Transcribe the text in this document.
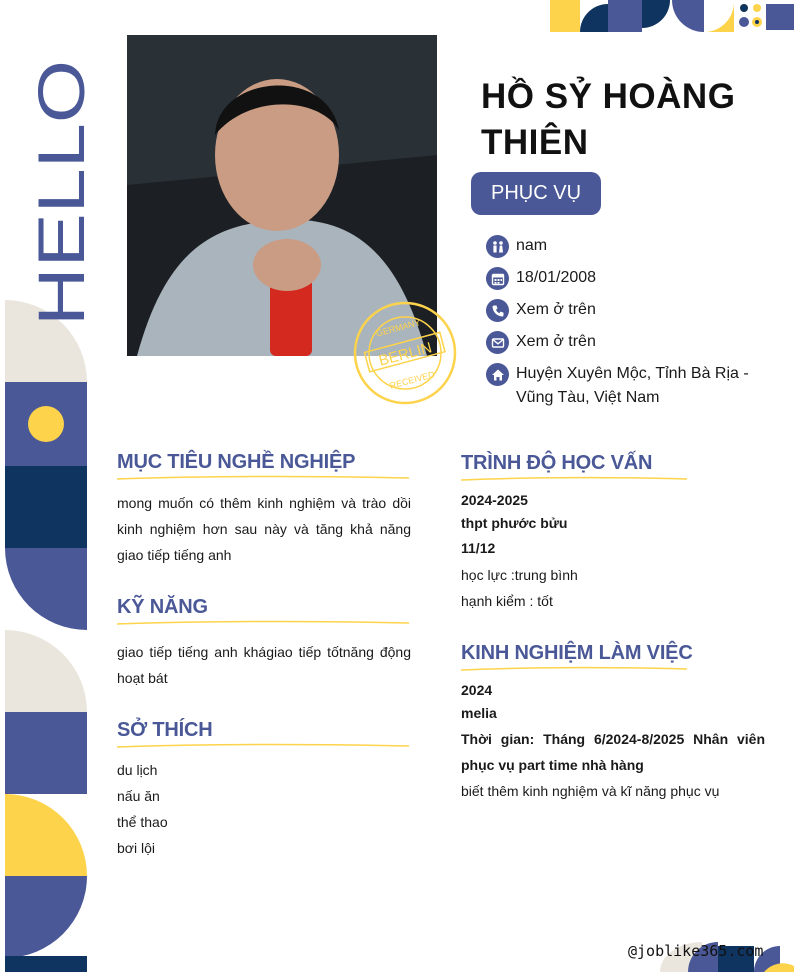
HELLO
BERLIN
GERMANY
RECEIVED
HỒ SỶ HOÀNG
THIÊN
PHỤC VỤ
nam
18/01/2008
Xem ở trên
Xem ở trên
Huyện Xuyên Mộc, Tỉnh Bà Rịa - Vũng Tàu, Việt Nam
MỤC TIÊU NGHỀ NGHIỆP
mong muốn có thêm kinh nghiệm và trào dồi kinh nghiệm hơn sau này và tăng khả năng giao tiếp tiếng anh
KỸ NĂNG
giao tiếp tiếng anh khágiao tiếp tốtnăng động hoạt bát
SỞ THÍCH
du lịch
nấu ăn
thể thao
bơi lội
TRÌNH ĐỘ HỌC VẤN
2024-2025
thpt phước bửu
11/12
học lực :trung bình
hạnh kiểm : tốt
KINH NGHIỆM LÀM VIỆC
2024
melia
Thời gian: Tháng 6/2024-8/2025 Nhân viên phục vụ part time nhà hàng
biết thêm kinh nghiệm và kĩ năng phục vụ
@joblike365.com
